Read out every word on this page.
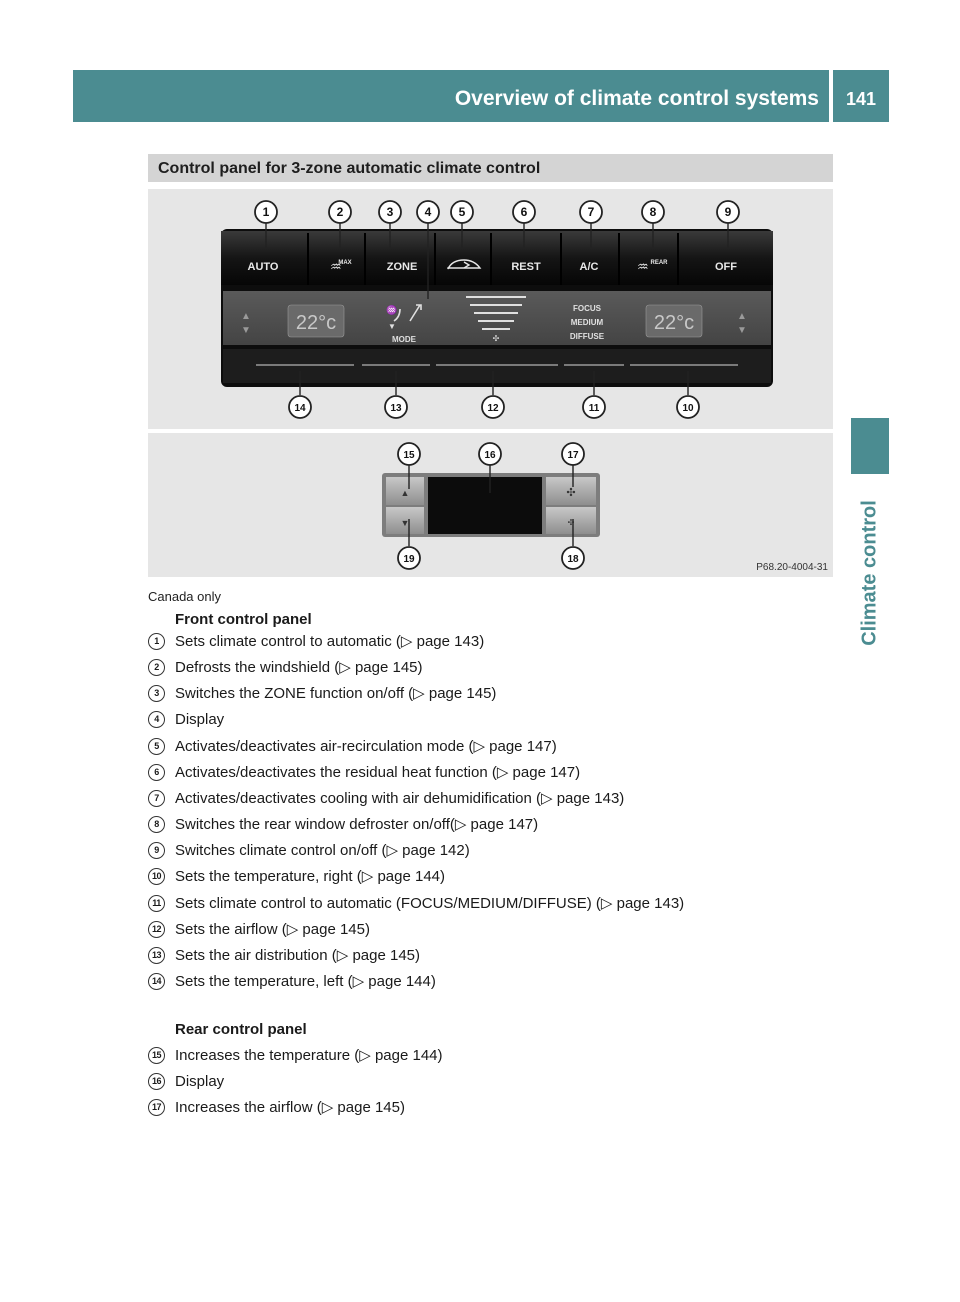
Overview of climate control systems	141
Climate control
Control panel for 3-zone automatic climate control
AUTO	MAX	ZONE	REST	A/C	REAR	OFF
♒	♒
22°c	22°c
▲
▼
▲
▼
♒
▼
MODE	✣
FOCUS
MEDIUM
DIFFUSE
1	2	3	4 5	6	7	8	9
14	13	12	11	10
▲
▼
✣
✣
15	16	17
19	18
P68.20-4004-31
Canada only
Front control panel
1	Sets climate control to automatic (▷ page 143)
2	Defrosts the windshield (▷ page 145)
3	Switches the ZONE function on/off (▷ page 145)
4	Display
5	Activates/deactivates air-recirculation mode (▷ page 147)
6	Activates/deactivates the residual heat function (▷ page 147)
7	Activates/deactivates cooling with air dehumidification (▷ page 143)
8	Switches the rear window defroster on/off(▷ page 147)
9	Switches climate control on/off (▷ page 142)
10 Sets the temperature, right (▷ page 144)
11 Sets climate control to automatic (FOCUS/MEDIUM/DIFFUSE) (▷ page 143)
12 Sets the airflow (▷ page 145)
13 Sets the air distribution (▷ page 145)
14 Sets the temperature, left (▷ page 144)
Rear control panel
15 Increases the temperature (▷ page 144)
16 Display
17 Increases the airflow (▷ page 145)
